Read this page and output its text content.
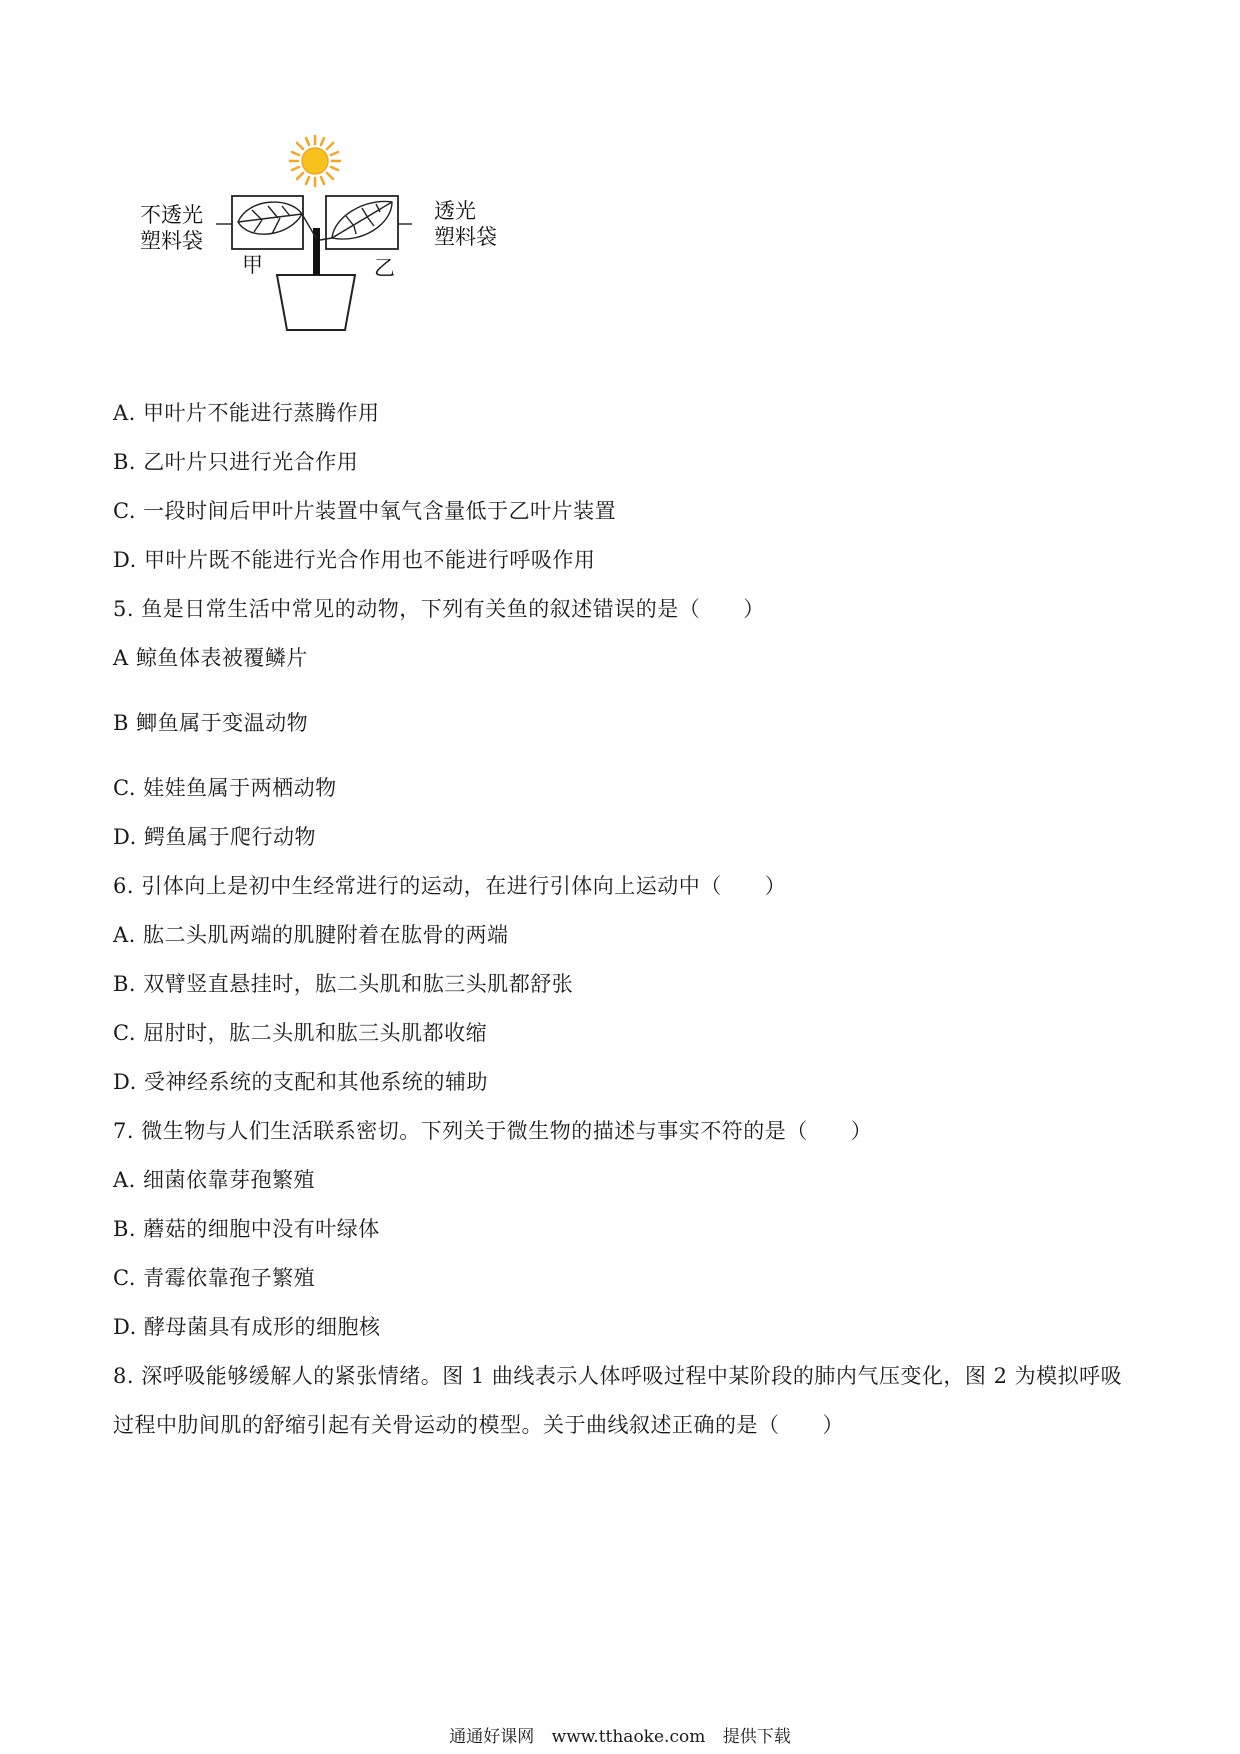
不透光
塑料袋
透光
塑料袋
甲	乙
A. 甲叶片不能进行蒸腾作用
B. 乙叶片只进行光合作用
C. 一段时间后甲叶片装置中氧气含量低于乙叶片装置
D. 甲叶片既不能进行光合作用也不能进行呼吸作用
5. 鱼是日常生活中常见的动物，下列有关鱼的叙述错误的是（　　）
A 鲸鱼体表被覆鳞片
B 鲫鱼属于变温动物
C. 娃娃鱼属于两栖动物
D. 鳄鱼属于爬行动物
6. 引体向上是初中生经常进行的运动，在进行引体向上运动中（　　）
A. 肱二头肌两端的肌腱附着在肱骨的两端
B. 双臂竖直悬挂时，肱二头肌和肱三头肌都舒张
C. 屈肘时，肱二头肌和肱三头肌都收缩
D. 受神经系统的支配和其他系统的辅助
7. 微生物与人们生活联系密切。下列关于微生物的描述与事实不符的是（　　）
A. 细菌依靠芽孢繁殖
B. 蘑菇的细胞中没有叶绿体
C. 青霉依靠孢子繁殖
D. 酵母菌具有成形的细胞核
8. 深呼吸能够缓解人的紧张情绪。图 1 曲线表示人体呼吸过程中某阶段的肺内气压变化，图 2 为模拟呼吸
过程中肋间肌的舒缩引起有关骨运动的模型。关于曲线叙述正确的是（　　）
通通好课网 www.tthaoke.com 提供下载
